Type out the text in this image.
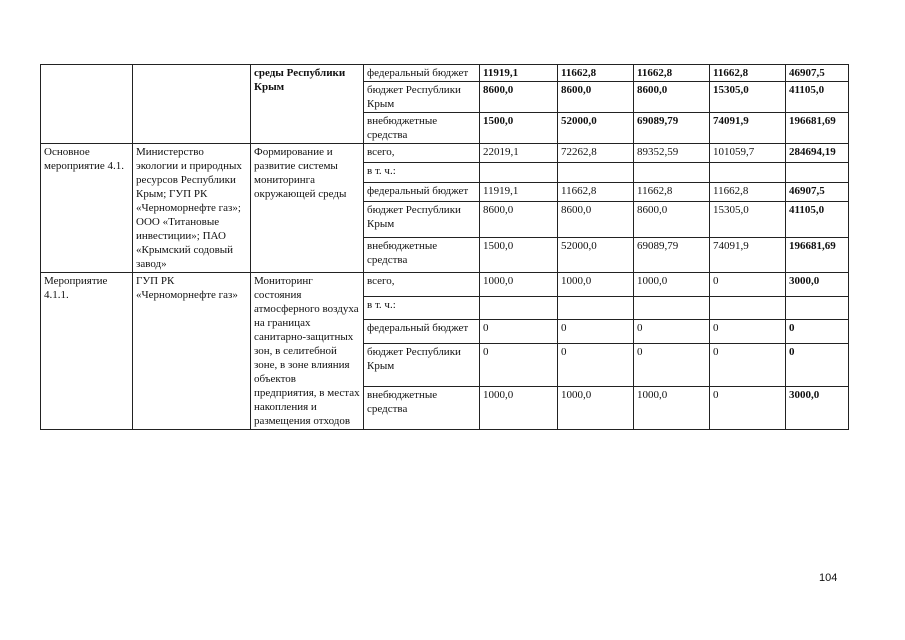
		среды Республики Крым	федеральный бюджет	11919,1	11662,8	11662,8	11662,8	46907,5
			бюджет Республики Крым	8600,0	8600,0	8600,0	15305,0	41105,0
			внебюджетные средства	1500,0	52000,0	69089,79	74091,9	196681,69
Основное мероприятие 4.1.	Министерство экологии и природных ресурсов Республики Крым; ГУП РК «Черноморнефте газ»; ООО «Титановые инвестиции»; ПАО «Крымский содовый завод»	Формирование и развитие системы мониторинга окружающей среды	всего,	22019,1	72262,8	89352,59	101059,7	284694,19
			в т. ч.:					
			федеральный бюджет	11919,1	11662,8	11662,8	11662,8	46907,5
			бюджет Республики Крым	8600,0	8600,0	8600,0	15305,0	41105,0
			внебюджетные средства	1500,0	52000,0	69089,79	74091,9	196681,69
Мероприятие 4.1.1.	ГУП РК «Черноморнефте газ»	Мониторинг состояния атмосферного воздуха на границах санитарно-защитных зон, в селитебной зоне, в зоне влияния объектов предприятия, в местах накопления и размещения отходов	всего,	1000,0	1000,0	1000,0	0	3000,0
			в т. ч.:					
			федеральный бюджет	0	0	0	0	0
			бюджет Республики Крым	0	0	0	0	0
			внебюджетные средства	1000,0	1000,0	1000,0	0	3000,0
104
